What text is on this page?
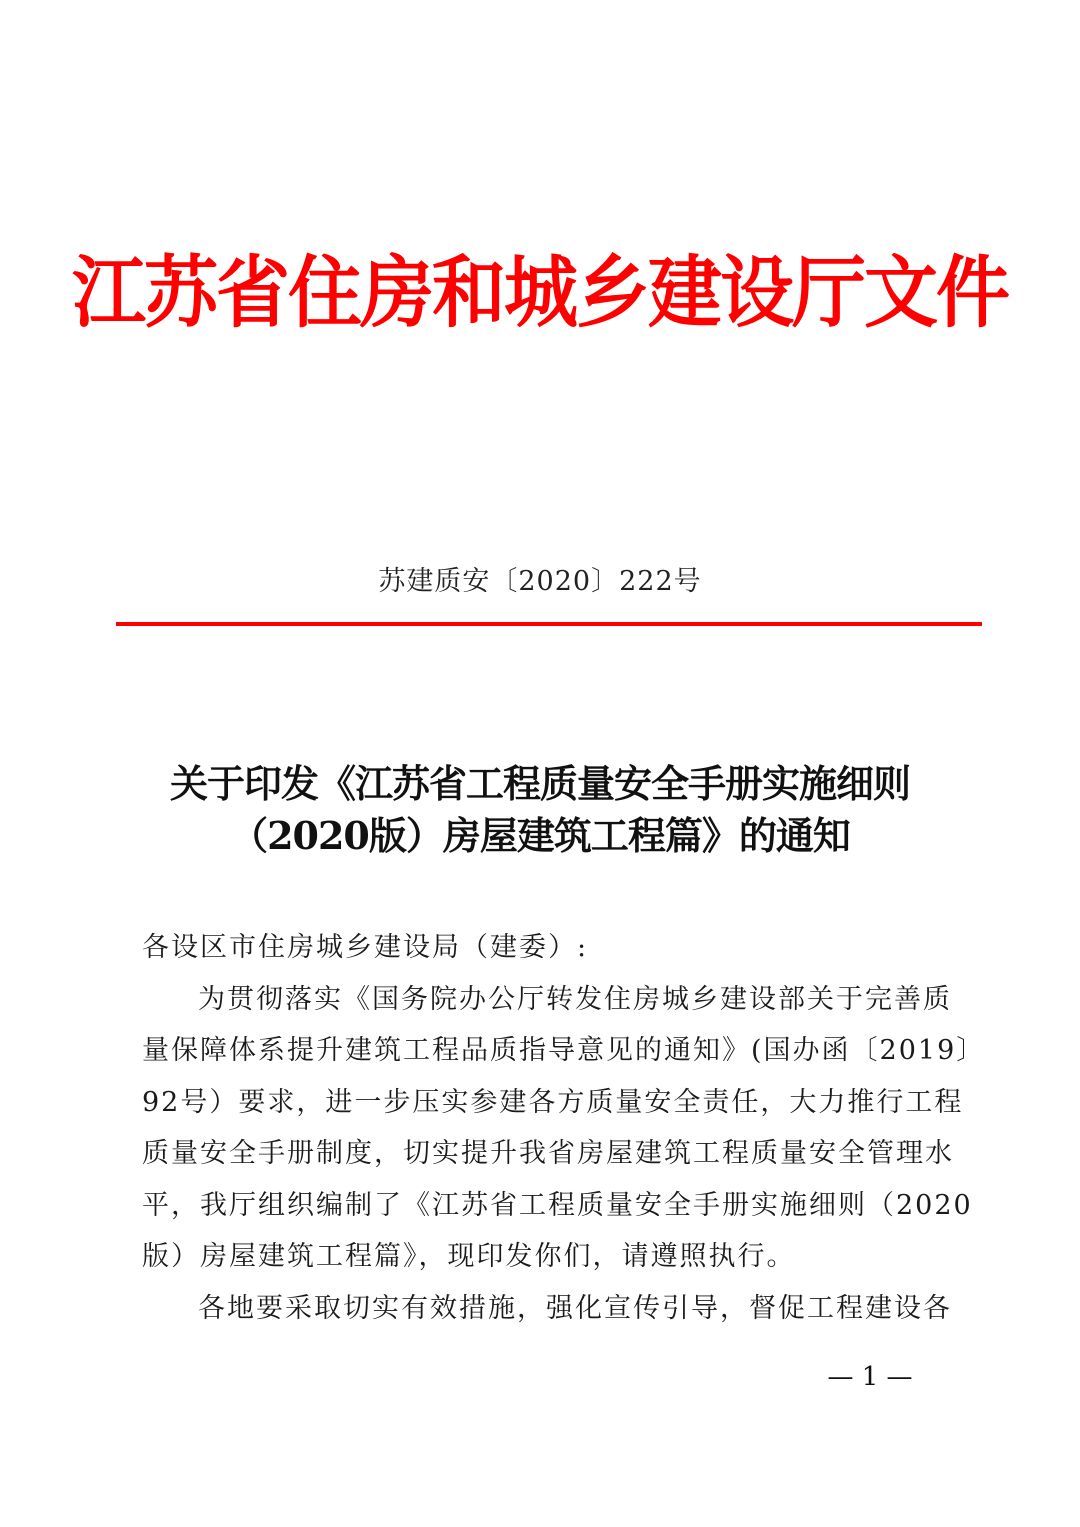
江苏省住房和城乡建设厅文件
苏建质安〔2020〕222号
关于印发《江苏省工程质量安全手册实施细则
（2020版）房屋建筑工程篇》的通知
各设区市住房城乡建设局（建委）:
为贯彻落实《国务院办公厅转发住房城乡建设部关于完善质
量保障体系提升建筑工程品质指导意见的通知》(国办函〔2019〕
92号）要求，进一步压实参建各方质量安全责任，大力推行工程
质量安全手册制度，切实提升我省房屋建筑工程质量安全管理水
平，我厅组织编制了《江苏省工程质量安全手册实施细则（2020
版）房屋建筑工程篇》，现印发你们，请遵照执行。
各地要采取切实有效措施，强化宣传引导，督促工程建设各
— 1 —
